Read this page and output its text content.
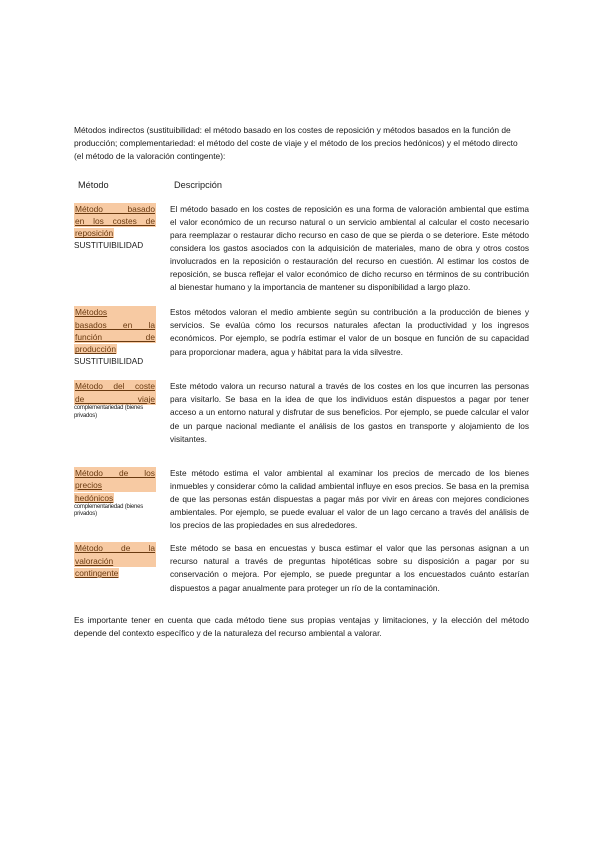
Métodos indirectos (sustituibilidad: el método basado en los costes de reposición y métodos basados en la función de producción; complementariedad: el método del coste de viaje y el método de los precios hedónicos) y el método directo (el método de la valoración contingente):

Método	Descripción
Método basado
en los costes de
reposición
SUSTITUIBILIDAD

El método basado en los costes de reposición es una forma de valoración ambiental que estima el valor económico de un recurso natural o un servicio ambiental al calcular el costo necesario para reemplazar o restaurar dicho recurso en caso de que se pierda o se deteriore. Este método considera los gastos asociados con la adquisición de materiales, mano de obra y otros costos involucrados en la reposición o restauración del recurso en cuestión. Al estimar los costos de reposición, se busca reflejar el valor económico de dicho recurso en términos de su contribución al bienestar humano y la importancia de mantener su disponibilidad a largo plazo.

Métodos
basados en la
función de
producción
SUSTITUIBILIDAD

Estos métodos valoran el medio ambiente según su contribución a la producción de bienes y servicios. Se evalúa cómo los recursos naturales afectan la productividad y los ingresos económicos. Por ejemplo, se podría estimar el valor de un bosque en función de su capacidad para proporcionar madera, agua y hábitat para la vida silvestre.

Método del coste
de viaje
complementariedad (bienes privados)

Este método valora un recurso natural a través de los costes en los que incurren las personas para visitarlo. Se basa en la idea de que los individuos están dispuestos a pagar por tener acceso a un entorno natural y disfrutar de sus beneficios. Por ejemplo, se puede calcular el valor de un parque nacional mediante el análisis de los gastos en transporte y alojamiento de los visitantes.

Método de los
precios
hedónicos
complementariedad (bienes privados)

Este método estima el valor ambiental al examinar los precios de mercado de los bienes inmuebles y considerar cómo la calidad ambiental influye en esos precios. Se basa en la premisa de que las personas están dispuestas a pagar más por vivir en áreas con mejores condiciones ambientales. Por ejemplo, se puede evaluar el valor de un lago cercano a través del análisis de los precios de las propiedades en sus alrededores.

Método de la
valoración
contingente

Este método se basa en encuestas y busca estimar el valor que las personas asignan a un recurso natural a través de preguntas hipotéticas sobre su disposición a pagar por su conservación o mejora. Por ejemplo, se puede preguntar a los encuestados cuánto estarían dispuestos a pagar anualmente para proteger un río de la contaminación.

Es importante tener en cuenta que cada método tiene sus propias ventajas y limitaciones, y la elección del método depende del contexto específico y de la naturaleza del recurso ambiental a valorar.
